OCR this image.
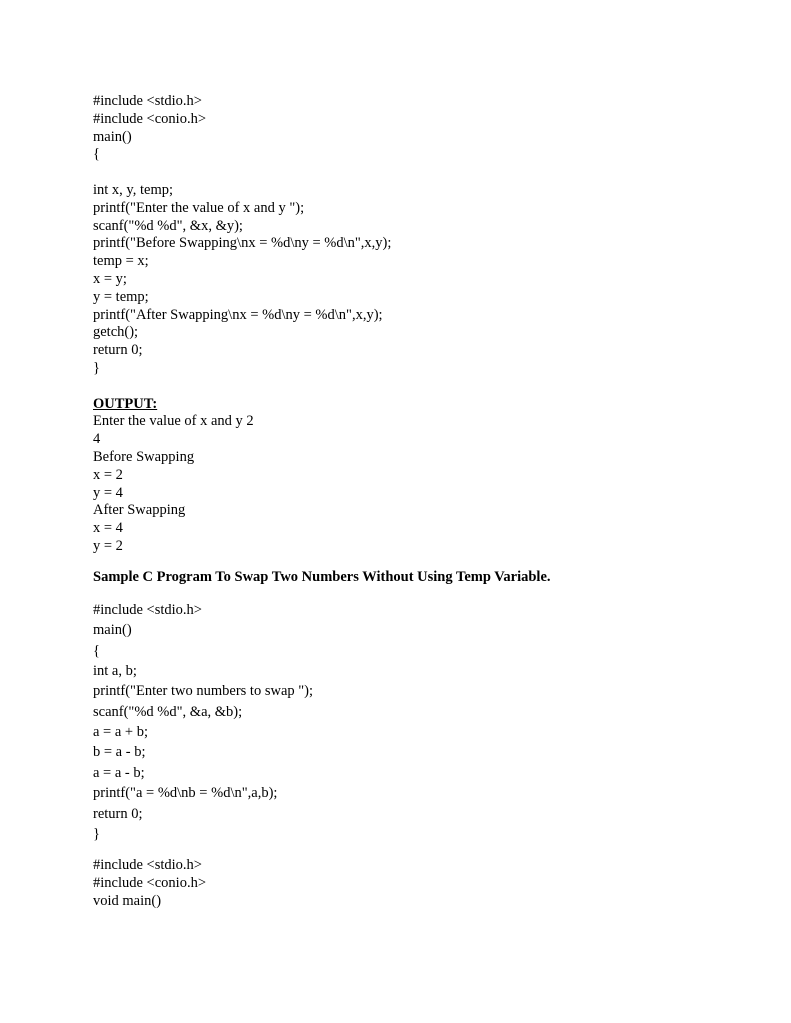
#include <stdio.h>
#include <conio.h>
main()
{
int x, y, temp;
printf("Enter the value of x and y ");
scanf("%d %d", &x, &y);
printf("Before Swapping\nx = %d\ny = %d\n",x,y);
temp = x;
x = y;
y = temp;
printf("After Swapping\nx = %d\ny = %d\n",x,y);
getch();
return 0;
}
OUTPUT:
Enter the value of x and y 2
4
Before Swapping
x = 2
y = 4
After Swapping
x = 4
y = 2
Sample C Program To Swap Two Numbers Without Using Temp Variable.
#include <stdio.h>
main()
{
int a, b;
printf("Enter two numbers to swap ");
scanf("%d %d", &a, &b);
a = a + b;
b = a - b;
a = a - b;
printf("a = %d\nb = %d\n",a,b);
return 0;
}
#include <stdio.h>
#include <conio.h>
void main()
